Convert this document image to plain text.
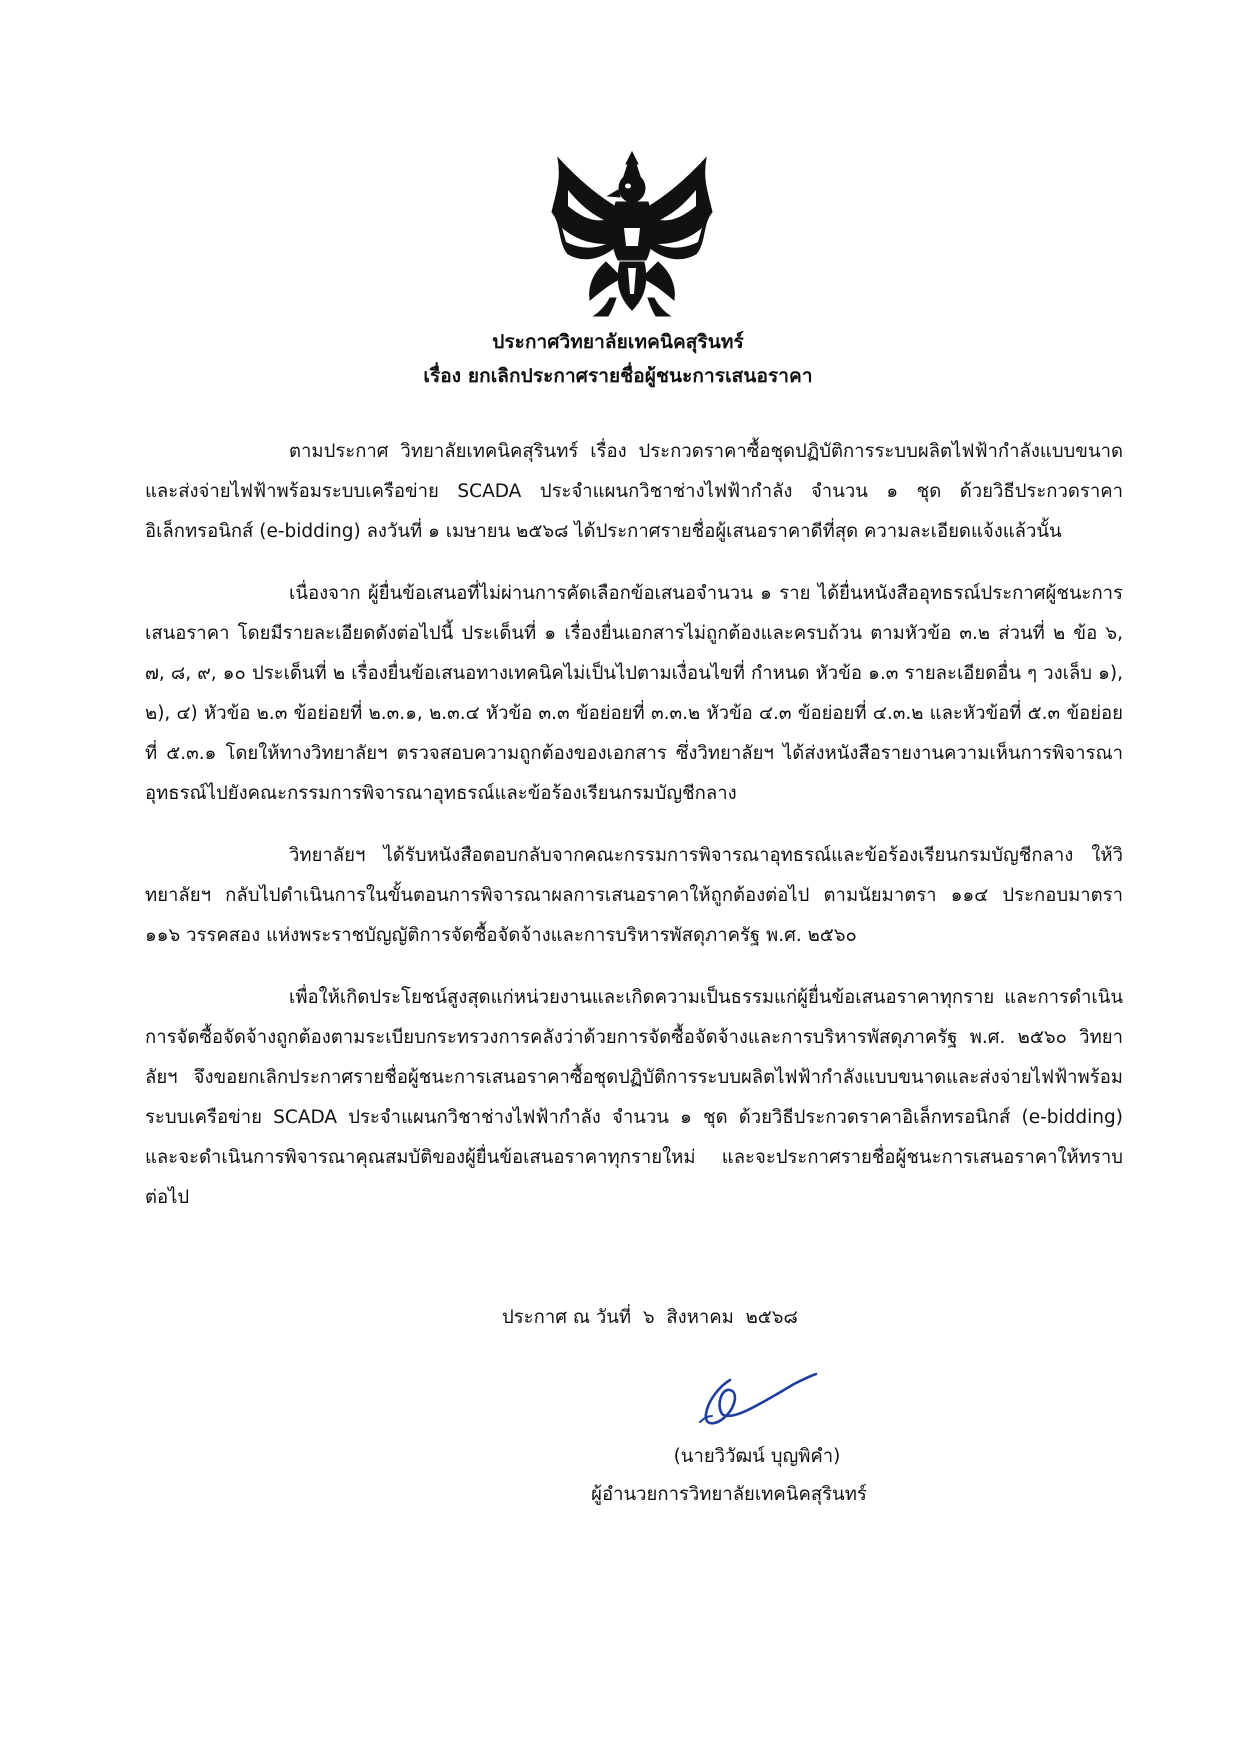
ประกาศวิทยาลัยเทคนิคสุรินทร์
เรื่อง ยกเลิกประกาศรายชื่อผู้ชนะการเสนอราคา

ตามประกาศ วิทยาลัยเทคนิคสุรินทร์ เรื่อง ประกวดราคาซื้อชุดปฏิบัติการระบบผลิตไฟฟ้ากำลังแบบขนาดและส่งจ่ายไฟฟ้าพร้อมระบบเครือข่าย SCADA ประจำแผนกวิชาช่างไฟฟ้ากำลัง จำนวน ๑ ชุด ด้วยวิธีประกวดราคาอิเล็กทรอนิกส์ (e-bidding) ลงวันที่ ๑ เมษายน ๒๕๖๘ ได้ประกาศรายชื่อผู้เสนอราคาดีที่สุด ความละเอียดแจ้งแล้วนั้น

เนื่องจาก ผู้ยื่นข้อเสนอที่ไม่ผ่านการคัดเลือกข้อเสนอจำนวน ๑ ราย ได้ยื่นหนังสืออุทธรณ์ประกาศผู้ชนะการเสนอราคา โดยมีรายละเอียดดังต่อไปนี้ ประเด็นที่ ๑ เรื่องยื่นเอกสารไม่ถูกต้องและครบถ้วน ตามหัวข้อ ๓.๒ ส่วนที่ ๒ ข้อ ๖, ๗, ๘, ๙, ๑๐ ประเด็นที่ ๒ เรื่องยื่นข้อเสนอทางเทคนิคไม่เป็นไปตามเงื่อนไขที่ กำหนด หัวข้อ ๑.๓ รายละเอียดอื่น ๆ วงเล็บ ๑), ๒), ๔) หัวข้อ ๒.๓ ข้อย่อยที่ ๒.๓.๑, ๒.๓.๔ หัวข้อ ๓.๓ ข้อย่อยที่ ๓.๓.๒ หัวข้อ ๔.๓ ข้อย่อยที่ ๔.๓.๒ และหัวข้อที่ ๕.๓ ข้อย่อยที่ ๕.๓.๑ โดยให้ทางวิทยาลัยฯ ตรวจสอบความถูกต้องของเอกสาร ซึ่งวิทยาลัยฯ ได้ส่งหนังสือรายงานความเห็นการพิจารณาอุทธรณ์ไปยังคณะกรรมการพิจารณาอุทธรณ์และข้อร้องเรียนกรมบัญชีกลาง

วิทยาลัยฯ ได้รับหนังสือตอบกลับจากคณะกรรมการพิจารณาอุทธรณ์และข้อร้องเรียนกรมบัญชีกลาง ให้วิทยาลัยฯ กลับไปดำเนินการในขั้นตอนการพิจารณาผลการเสนอราคาให้ถูกต้องต่อไป ตามนัยมาตรา ๑๑๔ ประกอบมาตรา ๑๑๖ วรรคสอง แห่งพระราชบัญญัติการจัดซื้อจัดจ้างและการบริหารพัสดุภาครัฐ พ.ศ. ๒๕๖๐

เพื่อให้เกิดประโยชน์สูงสุดแก่หน่วยงานและเกิดความเป็นธรรมแก่ผู้ยื่นข้อเสนอราคาทุกราย และการดำเนินการจัดซื้อจัดจ้างถูกต้องตามระเบียบกระทรวงการคลังว่าด้วยการจัดซื้อจัดจ้างและการบริหารพัสดุภาครัฐ พ.ศ. ๒๕๖๐ วิทยาลัยฯ จึงขอยกเลิกประกาศรายชื่อผู้ชนะการเสนอราคาซื้อชุดปฏิบัติการระบบผลิตไฟฟ้ากำลังแบบขนาดและส่งจ่ายไฟฟ้าพร้อมระบบเครือข่าย SCADA ประจำแผนกวิชาช่างไฟฟ้ากำลัง จำนวน ๑ ชุด ด้วยวิธีประกวดราคาอิเล็กทรอนิกส์ (e-bidding) และจะดำเนินการพิจารณาคุณสมบัติของผู้ยื่นข้อเสนอราคาทุกรายใหม่ และจะประกาศรายชื่อผู้ชนะการเสนอราคาให้ทราบต่อไป

ประกาศ ณ วันที่  ๖  สิงหาคม  ๒๕๖๘
(นายวิวัฒน์ บุญพิคำ)
ผู้อำนวยการวิทยาลัยเทคนิคสุรินทร์
